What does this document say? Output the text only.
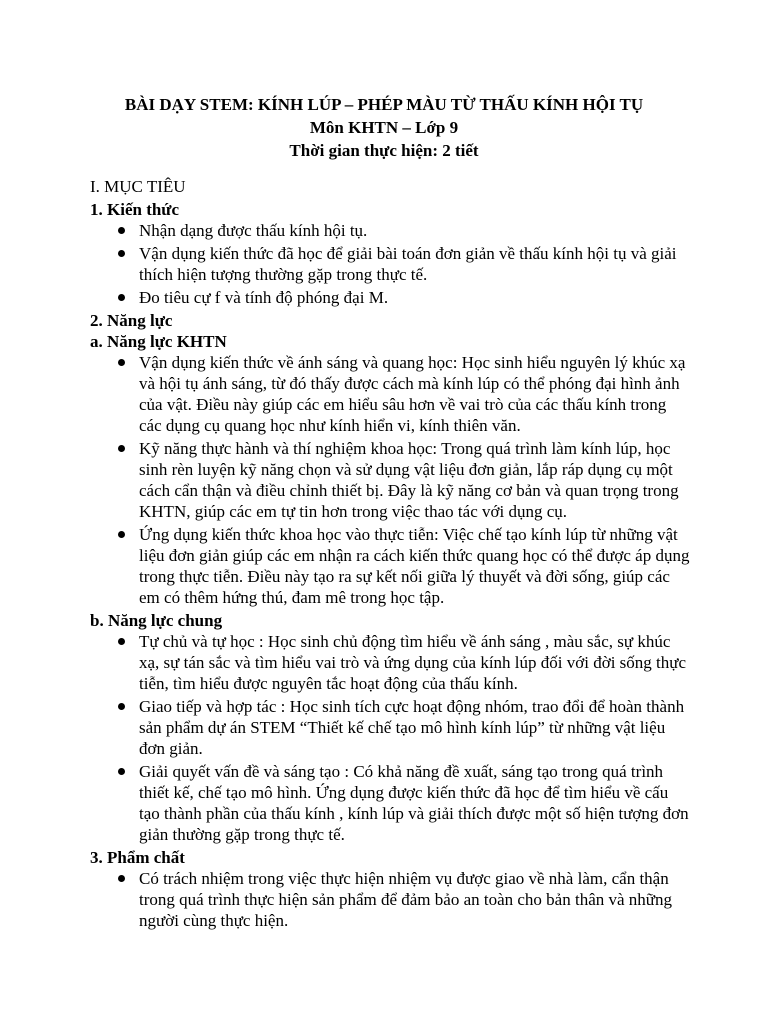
BÀI DẠY STEM: KÍNH LÚP – PHÉP MÀU TỪ THẤU KÍNH HỘI TỤ
Môn KHTN – Lớp 9
Thời gian thực hiện: 2 tiết
I. MỤC TIÊU
1. Kiến thức
Nhận dạng được thấu kính hội tụ.
Vận dụng kiến thức đã học để giải bài toán đơn giản về thấu kính hội tụ và giải thích hiện tượng thường gặp trong thực tế.
Đo tiêu cự f và tính độ phóng đại M.
2. Năng lực
a. Năng lực KHTN
Vận dụng kiến thức về ánh sáng và quang học: Học sinh hiểu nguyên lý khúc xạ và hội tụ ánh sáng, từ đó thấy được cách mà kính lúp có thể phóng đại hình ảnh của vật. Điều này giúp các em hiểu sâu hơn về vai trò của các thấu kính trong các dụng cụ quang học như kính hiển vi, kính thiên văn.
Kỹ năng thực hành và thí nghiệm khoa học: Trong quá trình làm kính lúp, học sinh rèn luyện kỹ năng chọn và sử dụng vật liệu đơn giản, lắp ráp dụng cụ một cách cẩn thận và điều chỉnh thiết bị. Đây là kỹ năng cơ bản và quan trọng trong KHTN, giúp các em tự tin hơn trong việc thao tác với dụng cụ.
Ứng dụng kiến thức khoa học vào thực tiễn: Việc chế tạo kính lúp từ những vật liệu đơn giản giúp các em nhận ra cách kiến thức quang học có thể được áp dụng trong thực tiễn. Điều này tạo ra sự kết nối giữa lý thuyết và đời sống, giúp các em có thêm hứng thú, đam mê trong học tập.
b. Năng lực chung
Tự chủ và tự học : Học sinh chủ động tìm hiểu về ánh sáng , màu sắc, sự khúc xạ, sự tán sắc và tìm hiểu vai trò và ứng dụng của kính lúp đối với đời sống thực tiễn, tìm hiểu được nguyên tắc hoạt động của thấu kính.
Giao tiếp và hợp tác : Học sinh tích cực hoạt động nhóm, trao đổi để hoàn thành sản phẩm dự án STEM “Thiết kế chế tạo mô hình kính lúp” từ những vật liệu đơn giản.
Giải quyết vấn đề và sáng tạo : Có khả năng đề xuất, sáng tạo trong quá trình thiết kế, chế tạo mô hình. Ứng dụng được kiến thức đã học để tìm hiểu về cấu tạo thành phần của thấu kính , kính lúp và giải thích được một số hiện tượng đơn giản thường gặp trong thực tế.
3. Phẩm chất
Có trách nhiệm trong việc thực hiện nhiệm vụ được giao về nhà làm, cẩn thận trong quá trình thực hiện sản phẩm để đảm bảo an toàn cho bản thân và những người cùng thực hiện.
